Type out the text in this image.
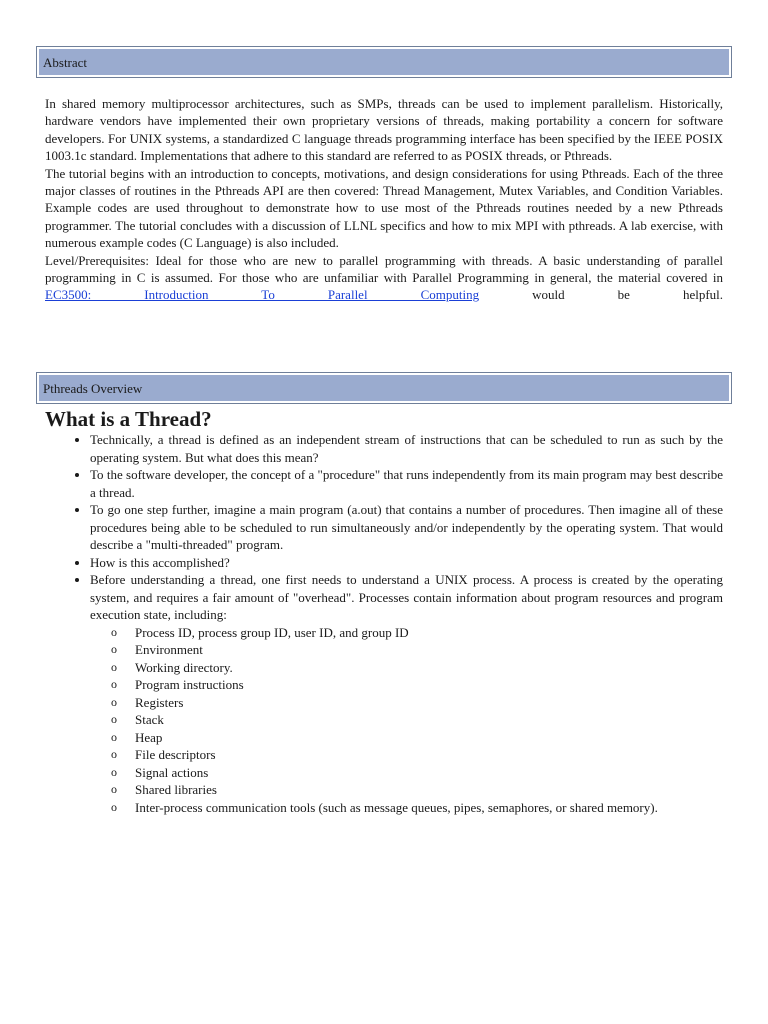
Abstract

In shared memory multiprocessor architectures, such as SMPs, threads can be used to implement parallelism. Historically, hardware vendors have implemented their own proprietary versions of threads, making portability a concern for software developers. For UNIX systems, a standardized C language threads programming interface has been specified by the IEEE POSIX 1003.1c standard. Implementations that adhere to this standard are referred to as POSIX threads, or Pthreads.

The tutorial begins with an introduction to concepts, motivations, and design considerations for using Pthreads. Each of the three major classes of routines in the Pthreads API are then covered: Thread Management, Mutex Variables, and Condition Variables. Example codes are used throughout to demonstrate how to use most of the Pthreads routines needed by a new Pthreads programmer. The tutorial concludes with a discussion of LLNL specifics and how to mix MPI with pthreads. A lab exercise, with numerous example codes (C Language) is also included.

Level/Prerequisites: Ideal for those who are new to parallel programming with threads. A basic understanding of parallel programming in C is assumed. For those who are unfamiliar with Parallel Programming in general, the material covered in EC3500: Introduction To Parallel Computing	would be helpful.

Pthreads Overview
What is a Thread?
• Technically, a thread is defined as an independent stream of instructions that can be scheduled to run as such by the operating system. But what does this mean?
• To the software developer, the concept of a "procedure" that runs independently from its main program may best describe a thread.
• To go one step further, imagine a main program (a.out) that contains a number of procedures. Then imagine all of these procedures being able to be scheduled to run simultaneously and/or independently by the operating system. That would describe a "multi-threaded" program.
• How is this accomplished?
• Before understanding a thread, one first needs to understand a UNIX process. A process is created by the operating system, and requires a fair amount of "overhead". Processes contain information about program resources and program execution state, including:
o Process ID, process group ID, user ID, and group ID
o Environment
o Working directory.
o Program instructions
o Registers
o Stack
o Heap
o File descriptors
o Signal actions
o Shared libraries
o Inter-process communication tools (such as message queues, pipes, semaphores, or shared memory).
